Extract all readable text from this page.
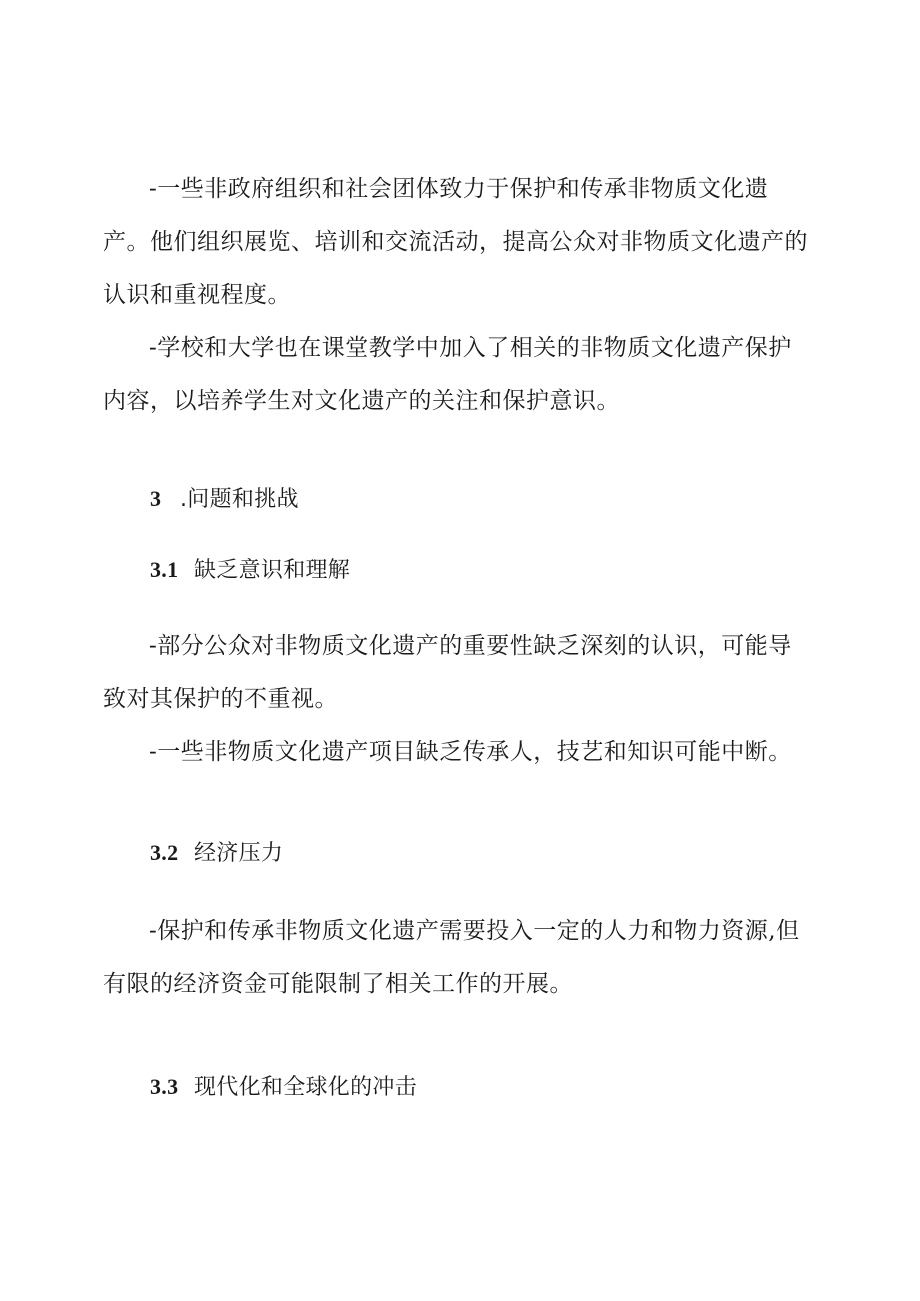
-一些非政府组织和社会团体致力于保护和传承非物质文化遗产。他们组织展览、培训和交流活动，提高公众对非物质文化遗产的认识和重视程度。

-学校和大学也在课堂教学中加入了相关的非物质文化遗产保护内容，以培养学生对文化遗产的关注和保护意识。

3 .问题和挑战
3.1 缺乏意识和理解

-部分公众对非物质文化遗产的重要性缺乏深刻的认识，可能导致对其保护的不重视。

-一些非物质文化遗产项目缺乏传承人，技艺和知识可能中断。

3.2 经济压力

-保护和传承非物质文化遗产需要投入一定的人力和物力资源,但有限的经济资金可能限制了相关工作的开展。

3.3 现代化和全球化的冲击
